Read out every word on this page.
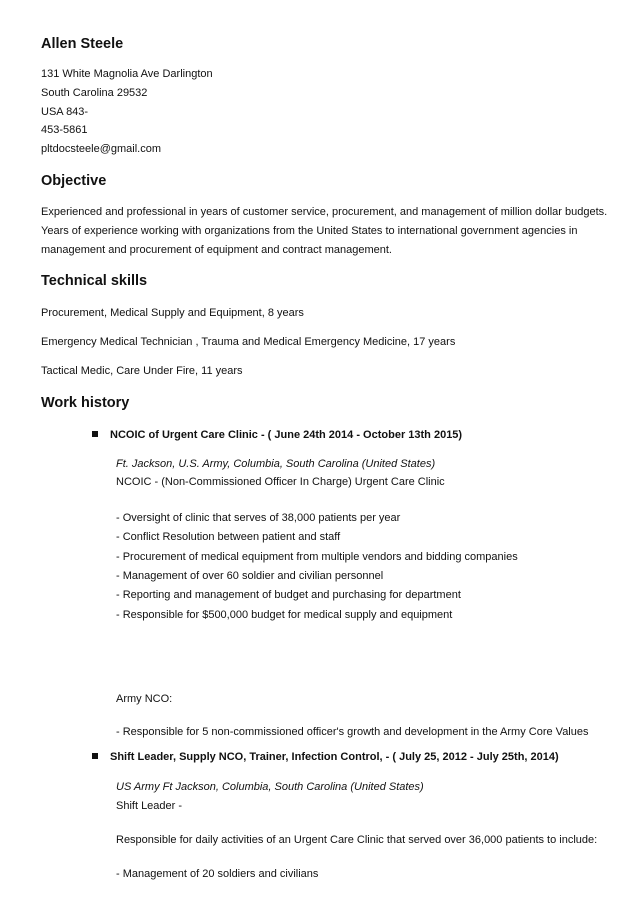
Allen Steele

131 White Magnolia Ave Darlington

South Carolina 29532

USA 843-

453-5861

pltdocsteele@gmail.com

Objective

Experienced and professional in years of customer service, procurement, and management of million dollar budgets. Years of experience working with organizations from the United States to international government agencies in management and procurement of equipment and contract management.

Technical skills

Procurement, Medical Supply and Equipment, 8 years

Emergency Medical Technician , Trauma and Medical Emergency Medicine, 17 years

Tactical Medic, Care Under Fire, 11 years

Work history
NCOIC of Urgent Care Clinic - ( June 24th 2014 - October 13th 2015)

Ft. Jackson, U.S. Army, Columbia, South Carolina (United States)

NCOIC - (Non-Commissioned Officer In Charge) Urgent Care Clinic

- Oversight of clinic that serves of 38,000 patients per year

- Conflict Resolution between patient and staff

- Procurement of medical equipment from multiple vendors and bidding companies

- Management of over 60 soldier and civilian personnel

- Reporting and management of budget and purchasing for department

- Responsible for $500,000 budget for medical supply and equipment

Army NCO:

- Responsible for 5 non-commissioned officer's growth and development in the Army Core Values

Shift Leader, Supply NCO, Trainer, Infection Control, - ( July 25, 2012 - July 25th, 2014)

US Army Ft Jackson, Columbia, South Carolina (United States)

Shift Leader -

Responsible for daily activities of an Urgent Care Clinic that served over 36,000 patients to include:

- Management of 20 soldiers and civilians
